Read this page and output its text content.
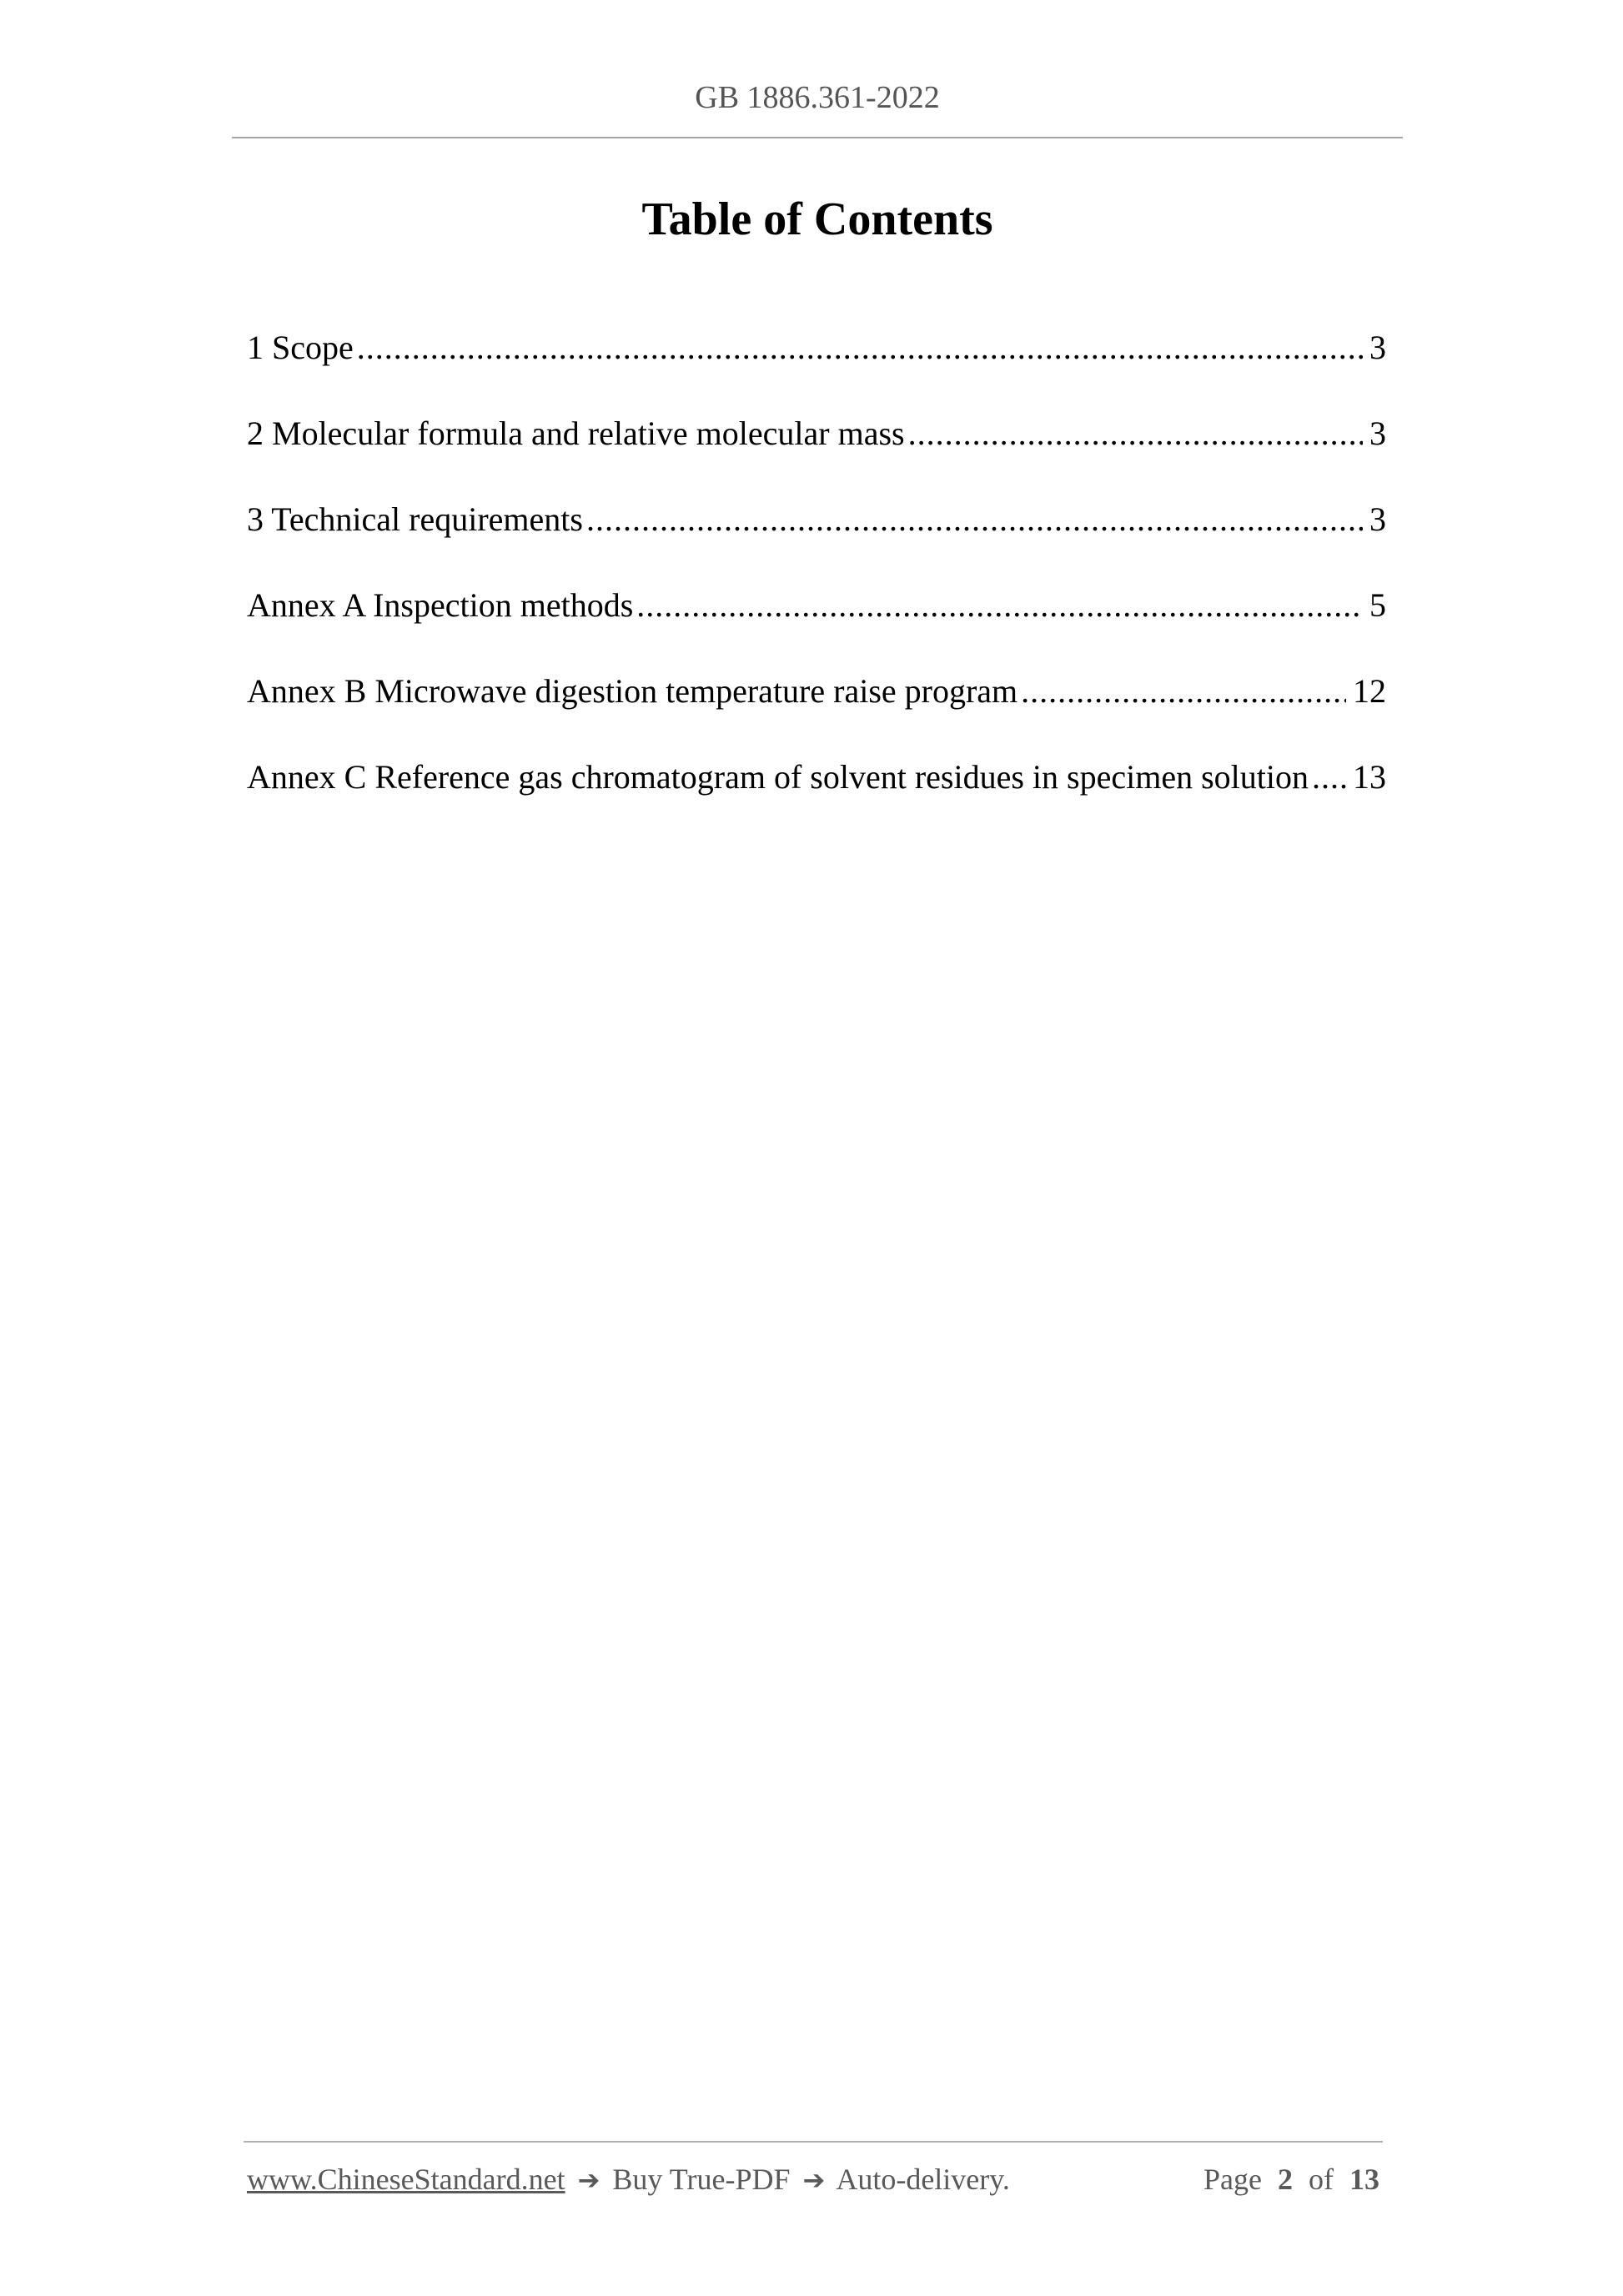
GB 1886.361-2022
Table of Contents
1 Scope .....	3
2 Molecular formula and relative molecular mass .....	3
3 Technical requirements .....	3
Annex A Inspection methods .....	5
Annex B Microwave digestion temperature raise program .....	12
Annex C Reference gas chromatogram of solvent residues in specimen solution ..... 13
www.ChineseStandard.net ➔ Buy True-PDF ➔ Auto-delivery.	Page 2 of 13
